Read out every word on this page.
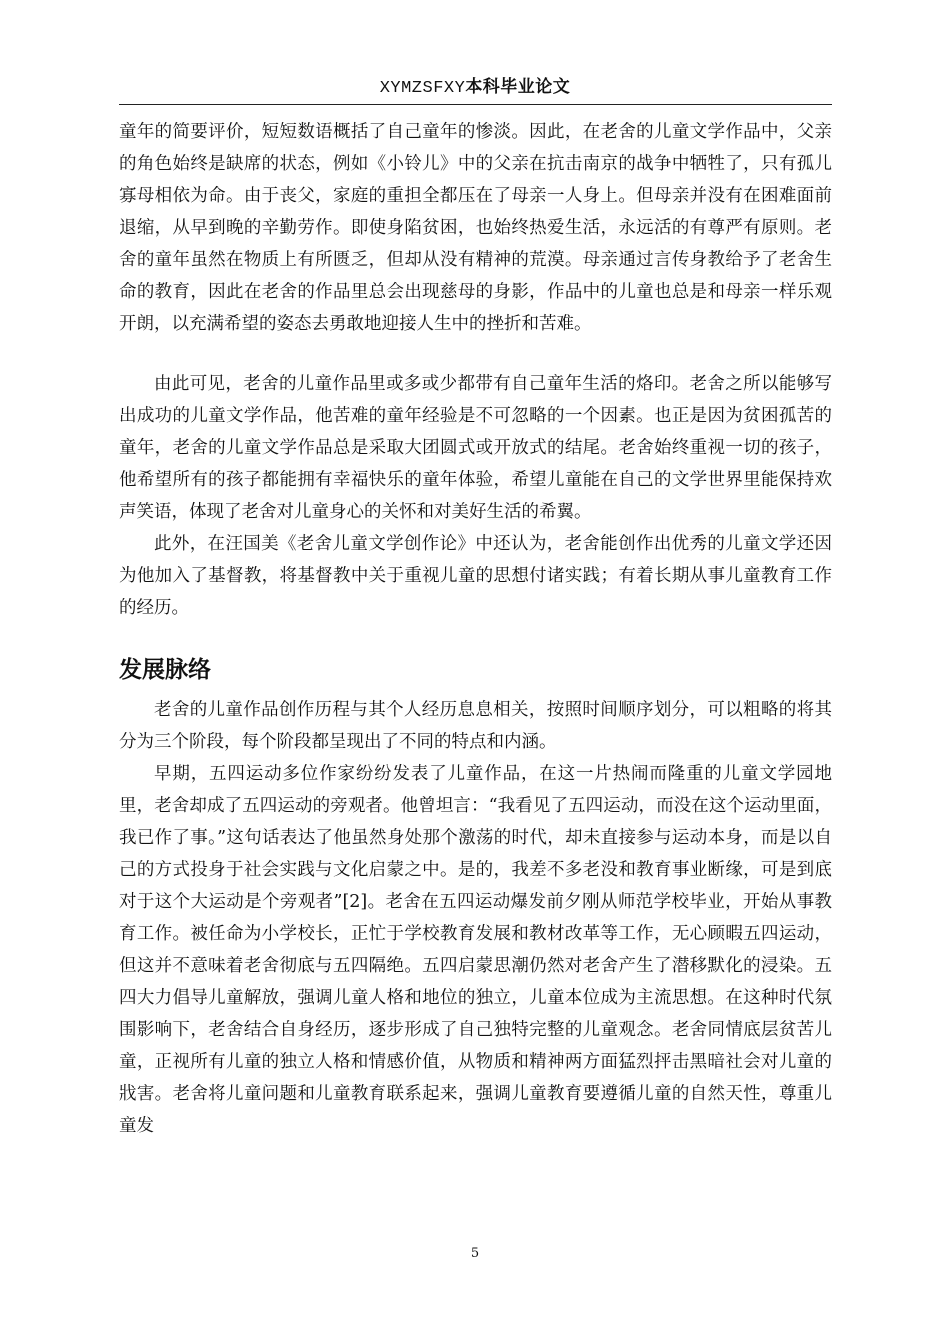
XYMZSFXY本科毕业论文

童年的简要评价，短短数语概括了自己童年的惨淡。因此，在老舍的儿童文学作品中，父亲的角色始终是缺席的状态，例如《小铃儿》中的父亲在抗击南京的战争中牺牲了，只有孤儿寡母相依为命。由于丧父，家庭的重担全都压在了母亲一人身上。但母亲并没有在困难面前退缩，从早到晚的辛勤劳作。即使身陷贫困，也始终热爱生活，永远活的有尊严有原则。老舍的童年虽然在物质上有所匮乏，但却从没有精神的荒漠。母亲通过言传身教给予了老舍生命的教育，因此在老舍的作品里总会出现慈母的身影，作品中的儿童也总是和母亲一样乐观开朗，以充满希望的姿态去勇敢地迎接人生中的挫折和苦难。

由此可见，老舍的儿童作品里或多或少都带有自己童年生活的烙印。老舍之所以能够写出成功的儿童文学作品，他苦难的童年经验是不可忽略的一个因素。也正是因为贫困孤苦的童年，老舍的儿童文学作品总是采取大团圆式或开放式的结尾。老舍始终重视一切的孩子，他希望所有的孩子都能拥有幸福快乐的童年体验，希望儿童能在自己的文学世界里能保持欢声笑语，体现了老舍对儿童身心的关怀和对美好生活的希翼。

此外，在汪国美《老舍儿童文学创作论》中还认为，老舍能创作出优秀的儿童文学还因为他加入了基督教，将基督教中关于重视儿童的思想付诸实践；有着长期从事儿童教育工作的经历。

发展脉络

老舍的儿童作品创作历程与其个人经历息息相关，按照时间顺序划分，可以粗略的将其分为三个阶段，每个阶段都呈现出了不同的特点和内涵。

早期，五四运动多位作家纷纷发表了儿童作品，在这一片热闹而隆重的儿童文学园地里，老舍却成了五四运动的旁观者。他曾坦言：“我看见了五四运动，而没在这个运动里面，我已作了事。”这句话表达了他虽然身处那个激荡的时代，却未直接参与运动本身，而是以自己的方式投身于社会实践与文化启蒙之中。是的，我差不多老没和教育事业断缘，可是到底对于这个大运动是个旁观者”[2]。老舍在五四运动爆发前夕刚从师范学校毕业，开始从事教育工作。被任命为小学校长，正忙于学校教育发展和教材改革等工作，无心顾暇五四运动，但这并不意味着老舍彻底与五四隔绝。五四启蒙思潮仍然对老舍产生了潜移默化的浸染。五四大力倡导儿童解放，强调儿童人格和地位的独立，儿童本位成为主流思想。在这种时代氛围影响下，老舍结合自身经历，逐步形成了自己独特完整的儿童观念。老舍同情底层贫苦儿童，正视所有儿童的独立人格和情感价值，从物质和精神两方面猛烈抨击黑暗社会对儿童的戕害。老舍将儿童问题和儿童教育联系起来，强调儿童教育要遵循儿童的自然天性，尊重儿童发

5
